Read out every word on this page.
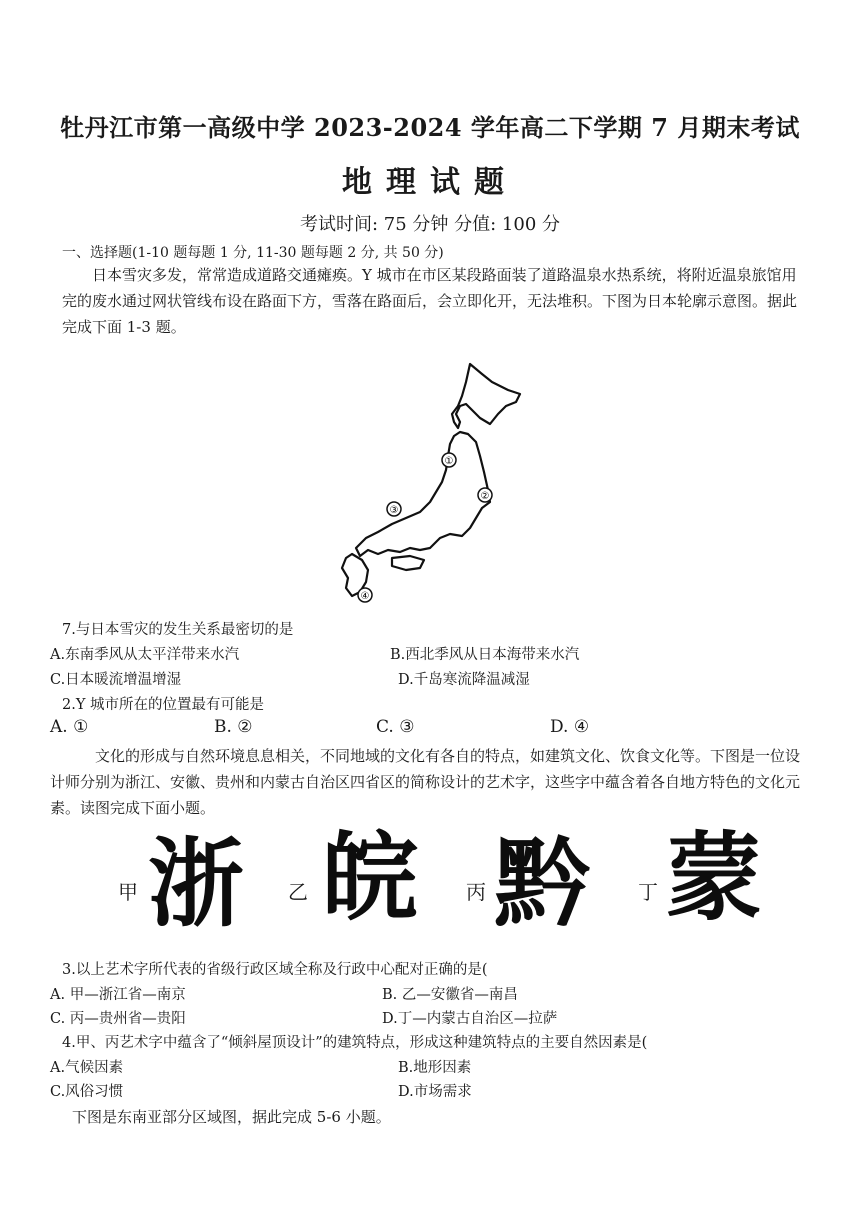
牡丹江市第一高级中学 2023-2024 学年高二下学期 7 月期末考试
地理试题
考试时间: 75 分钟 分值: 100 分
一、选择题(1-10 题每题 1 分, 11-30 题每题 2 分, 共 50 分)
日本雪灾多发，常常造成道路交通瘫痪。Y 城市在市区某段路面装了道路温泉水热系统，将附近温泉旅馆用完的废水通过网状管线布设在路面下方，雪落在路面后，会立即化开，无法堆积。下图为日本轮廓示意图。据此完成下面 1-3 题。
①
②
③
④
7.与日本雪灾的发生关系最密切的是
A.东南季风从太平洋带来水汽	B.西北季风从日本海带来水汽
C.日本暖流增温增湿	D.千岛寒流降温减湿
2.Y 城市所在的位置最有可能是
A. ①	B. ②	C. ③	D. ④
文化的形成与自然环境息息相关，不同地域的文化有各自的特点，如建筑文化、饮食文化等。下图是一位设计师分别为浙江、安徽、贵州和内蒙古自治区四省区的简称设计的艺术字，这些字中蕴含着各自地方特色的文化元素。读图完成下面小题。
甲 浙 乙 皖 丙 黔 丁 蒙
3.以上艺术字所代表的省级行政区域全称及行政中心配对正确的是(
A. 甲—浙江省—南京	B. 乙—安徽省—南昌
C. 丙—贵州省—贵阳	D.丁—内蒙古自治区—拉萨
4.甲、丙艺术字中蕴含了“倾斜屋顶设计”的建筑特点，形成这种建筑特点的主要自然因素是(
A.气候因素	B.地形因素
C.风俗习惯	D.市场需求
下图是东南亚部分区域图，据此完成 5-6 小题。
